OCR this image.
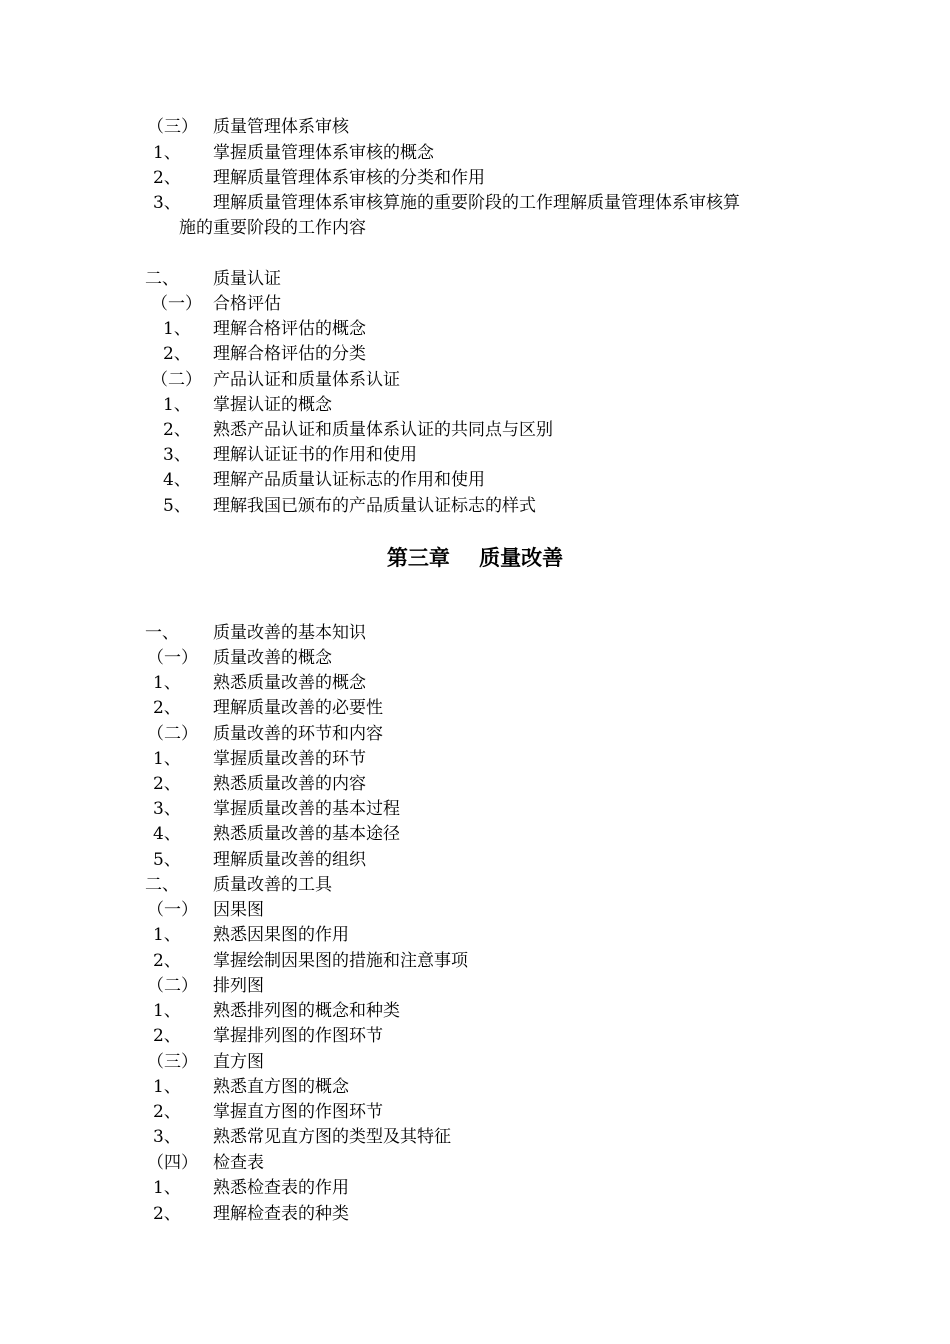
（三） 质量管理体系审核
1、 掌握质量管理体系审核的概念
2、 理解质量管理体系审核的分类和作用
3、 理解质量管理体系审核算施的重要阶段的工作理解质量管理体系审核算
施的重要阶段的工作内容
二、 质量认证
（一） 合格评估
1、 理解合格评估的概念
2、 理解合格评估的分类
（二） 产品认证和质量体系认证
1、 掌握认证的概念
2、 熟悉产品认证和质量体系认证的共同点与区别
3、 理解认证证书的作用和使用
4、 理解产品质量认证标志的作用和使用
5、 理解我国已颁布的产品质量认证标志的样式
第三章    质量改善
一、 质量改善的基本知识
（一） 质量改善的概念
1、 熟悉质量改善的概念
2、 理解质量改善的必要性
（二） 质量改善的环节和内容
1、 掌握质量改善的环节
2、 熟悉质量改善的内容
3、 掌握质量改善的基本过程
4、 熟悉质量改善的基本途径
5、 理解质量改善的组织
二、 质量改善的工具
（一） 因果图
1、 熟悉因果图的作用
2、 掌握绘制因果图的措施和注意事项
（二） 排列图
1、 熟悉排列图的概念和种类
2、 掌握排列图的作图环节
（三） 直方图
1、 熟悉直方图的概念
2、 掌握直方图的作图环节
3、 熟悉常见直方图的类型及其特征
（四） 检查表
1、 熟悉检查表的作用
2、 理解检查表的种类
